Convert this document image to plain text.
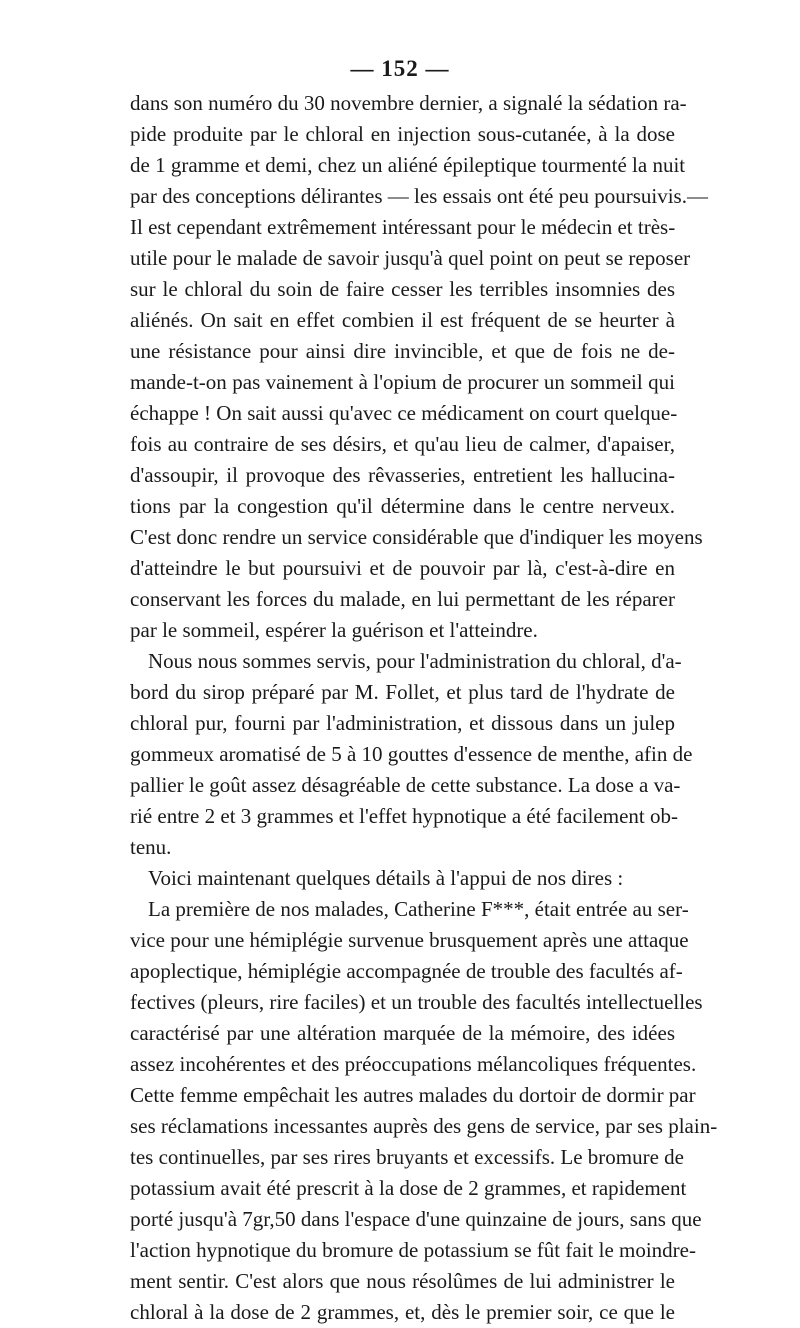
— 152 —
dans son numéro du 30 novembre dernier, a signalé la sédation ra-
pide produite par le chloral en injection sous-cutanée, à la dose
de 1 gramme et demi, chez un aliéné épileptique tourmenté la nuit
par des conceptions délirantes — les essais ont été peu poursuivis.—
Il est cependant extrêmement intéressant pour le médecin et très-
utile pour le malade de savoir jusqu'à quel point on peut se reposer
sur le chloral du soin de faire cesser les terribles insomnies des
aliénés. On sait en effet combien il est fréquent de se heurter à
une résistance pour ainsi dire invincible, et que de fois ne de-
mande-t-on pas vainement à l'opium de procurer un sommeil qui
échappe ! On sait aussi qu'avec ce médicament on court quelque-
fois au contraire de ses désirs, et qu'au lieu de calmer, d'apaiser,
d'assoupir, il provoque des rêvasseries, entretient les hallucina-
tions par la congestion qu'il détermine dans le centre nerveux.
C'est donc rendre un service considérable que d'indiquer les moyens
d'atteindre le but poursuivi et de pouvoir par là, c'est-à-dire en
conservant les forces du malade, en lui permettant de les réparer
par le sommeil, espérer la guérison et l'atteindre.
Nous nous sommes servis, pour l'administration du chloral, d'a-
bord du sirop préparé par M. Follet, et plus tard de l'hydrate de
chloral pur, fourni par l'administration, et dissous dans un julep
gommeux aromatisé de 5 à 10 gouttes d'essence de menthe, afin de
pallier le goût assez désagréable de cette substance. La dose a va-
rié entre 2 et 3 grammes et l'effet hypnotique a été facilement ob-
tenu.
Voici maintenant quelques détails à l'appui de nos dires :
La première de nos malades, Catherine F***, était entrée au ser-
vice pour une hémiplégie survenue brusquement après une attaque
apoplectique, hémiplégie accompagnée de trouble des facultés af-
fectives (pleurs, rire faciles) et un trouble des facultés intellectuelles
caractérisé par une altération marquée de la mémoire, des idées
assez incohérentes et des préoccupations mélancoliques fréquentes.
Cette femme empêchait les autres malades du dortoir de dormir par
ses réclamations incessantes auprès des gens de service, par ses plain-
tes continuelles, par ses rires bruyants et excessifs. Le bromure de
potassium avait été prescrit à la dose de 2 grammes, et rapidement
porté jusqu'à 7gr,50 dans l'espace d'une quinzaine de jours, sans que
l'action hypnotique du bromure de potassium se fût fait le moindre-
ment sentir. C'est alors que nous résolûmes de lui administrer le
chloral à la dose de 2 grammes, et, dès le premier soir, ce que le
